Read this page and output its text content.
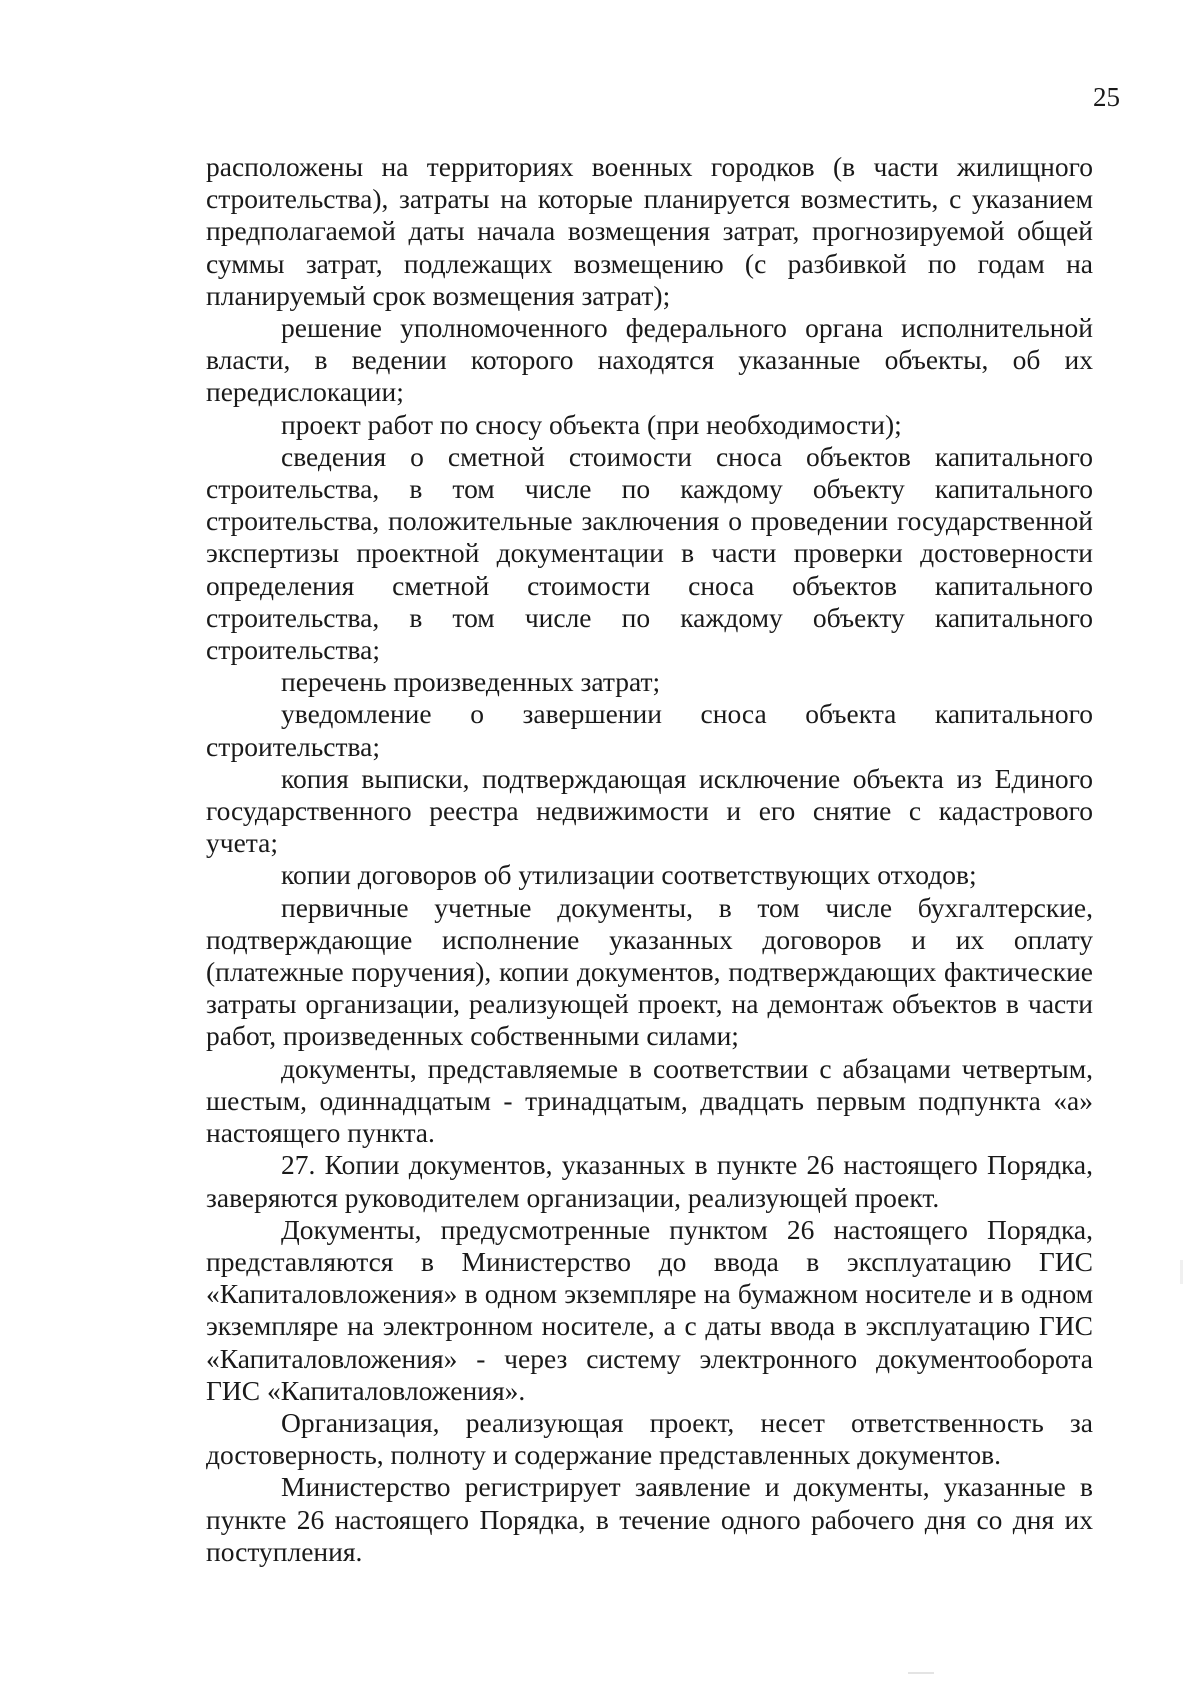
25

расположены на территориях военных городков (в части жилищного строительства), затраты на которые планируется возместить, с указанием предполагаемой даты начала возмещения затрат, прогнозируемой общей суммы затрат, подлежащих возмещению (с разбивкой по годам на планируемый срок возмещения затрат);

решение уполномоченного федерального органа исполнительной власти, в ведении которого находятся указанные объекты, об их передислокации;

проект работ по сносу объекта (при необходимости);

сведения о сметной стоимости сноса объектов капитального строительства, в том числе по каждому объекту капитального строительства, положительные заключения о проведении государственной экспертизы проектной документации в части проверки достоверности определения сметной стоимости сноса объектов капитального строительства, в том числе по каждому объекту капитального строительства;

перечень произведенных затрат;

уведомление о завершении сноса объекта капитального строительства;

копия выписки, подтверждающая исключение объекта из Единого государственного реестра недвижимости и его снятие с кадастрового учета;

копии договоров об утилизации соответствующих отходов;

первичные учетные документы, в том числе бухгалтерские, подтверждающие исполнение указанных договоров и их оплату (платежные поручения), копии документов, подтверждающих фактические затраты организации, реализующей проект, на демонтаж объектов в части работ, произведенных собственными силами;

документы, представляемые в соответствии с абзацами четвертым, шестым, одиннадцатым - тринадцатым, двадцать первым подпункта «а» настоящего пункта.

27. Копии документов, указанных в пункте 26 настоящего Порядка, заверяются руководителем организации, реализующей проект.

Документы, предусмотренные пунктом 26 настоящего Порядка, представляются в Министерство до ввода в эксплуатацию ГИС «Капиталовложения» в одном экземпляре на бумажном носителе и в одном экземпляре на электронном носителе, а с даты ввода в эксплуатацию ГИС «Капиталовложения» - через систему электронного документооборота ГИС «Капиталовложения».

Организация, реализующая проект, несет ответственность за достоверность, полноту и содержание представленных документов.

Министерство регистрирует заявление и документы, указанные в пункте 26 настоящего Порядка, в течение одного рабочего дня со дня их поступления.
